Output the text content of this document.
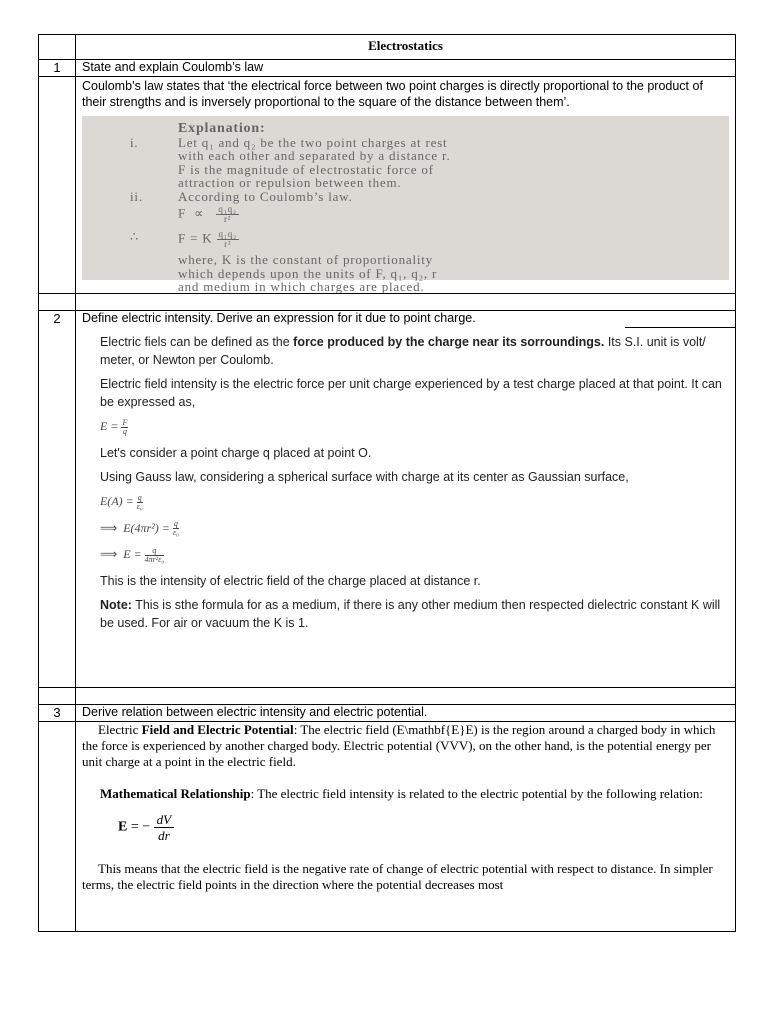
Electrostatics
1	State and explain Coulomb’s law
Coulomb’s law states that ‘the electrical force between two point charges is directly proportional to the product of their strengths and is inversely proportional to the square of the distance between them’.
Explanation:
i.	Let q₁ and q₂ be the two point charges at rest
with each other and separated by a distance r.
F is the magnitude of electrostatic force of
attraction or repulsion between them.
ii.	According to Coulomb’s law.
$F \propto \frac{\text{q₁q₂}}{\text{r²}}$
∴	F = K $\frac{\text{q₁q₂}}{\text{r²}}$
where, K is the constant of proportionality
which depends upon the units of F, q₁, q₂, r
and medium in which charges are placed.
2	Define electric intensity. Derive an expression for it due to point charge.

Electric fiels can be defined as the force produced by the charge near its sorroundings. Its S.I. unit is volt/ meter, or Newton per Coulomb.

Electric field intensity is the electric force per unit charge experienced by a test charge placed at that point. It can be expressed as,

$E = \frac{F}{q}$

Let's consider a point charge q placed at point O.

Using Gauss law, considering a spherical surface with charge at its center as Gaussian surface,

$E(A) = \frac{q}{\text{ε₀}}$
⟹ $E(4\pi r^2) = \frac{q}{\text{ε₀}}$
⟹ $E = \frac{q}{\text{4πr²ε₀}}$

This is the intensity of electric field of the charge placed at distance r.

Note: This is sthe formula for as a medium, if there is any other medium then respected dielectric constant K will be used. For air or vacuum the K is 1.

3	Derive relation between electric intensity and electric potential.

Electric Field and Electric Potential: The electric field (E\mathbf{E}E) is the region around a charged body in which the force is experienced by another charged body. Electric potential (VVV), on the other hand, is the potential energy per unit charge at a point in the electric field.

Mathematical Relationship: The electric field intensity is related to the electric potential by the following relation:

E = − $\frac{dV}{dr}$

This means that the electric field is the negative rate of change of electric potential with respect to distance. In simpler terms, the electric field points in the direction where the potential decreases most
